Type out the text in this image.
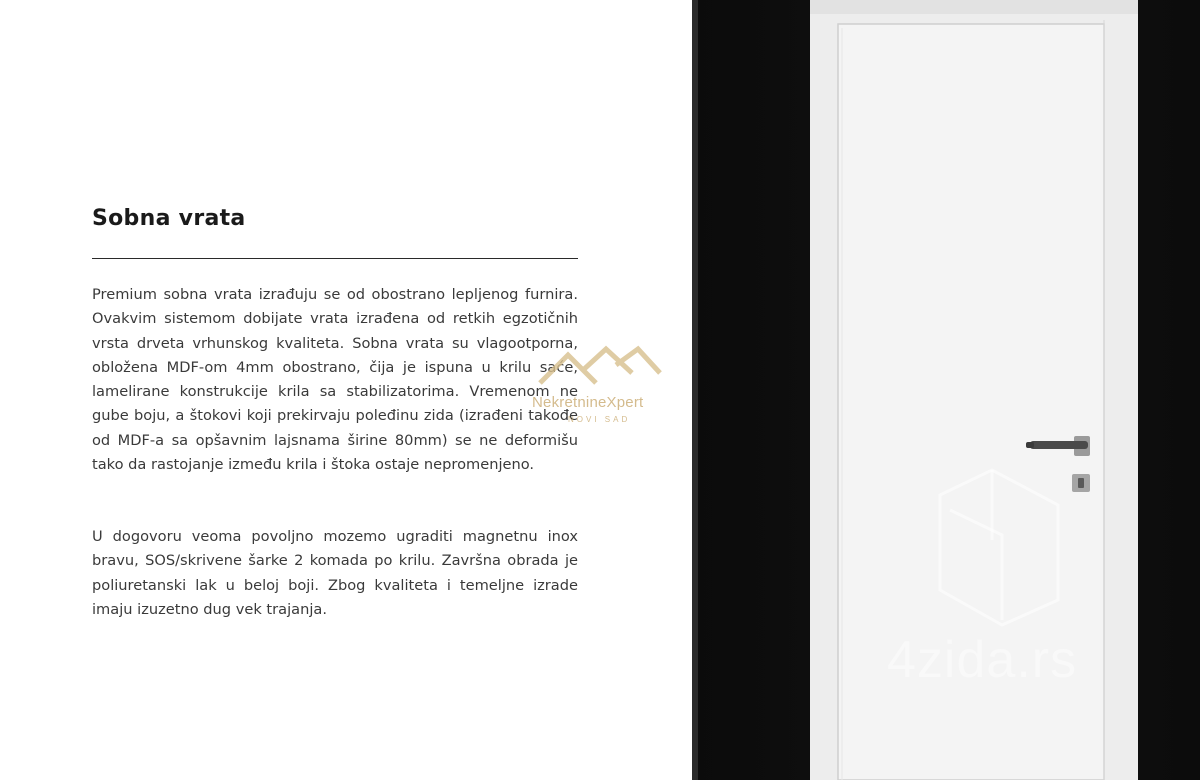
Sobna vrata

Premium sobna vrata izrađuju se od obostrano lepljenog furnira. Ovakvim sistemom dobijate vrata izrađena od retkih egzotičnih vrsta drveta vrhunskog kvaliteta. Sobna vrata su vlagootporna, obložena MDF-om 4mm obostrano, čija je ispuna u krilu saće, lamelirane konstrukcije krila sa stabilizatorima. Vremenom ne gube boju, a štokovi koji prekirvaju polеđinu zida (izrađeni takođe od MDF-a sa opšavnim lajsnama širine 80mm) se ne deformišu tako da rastojanje između krila i štoka ostaje nepromenjeno.

U dogovoru veoma povoljno mozemo ugraditi magnetnu inox bravu, SOS/skrivene šarke 2 komada po krilu. Završna obrada je poliuretanski lak u beloj boji. Zbog kvaliteta i temeljne izrade imaju izuzetno dug vek trajanja.

NekretnineXpert
NOVI SAD
4zida.rs
